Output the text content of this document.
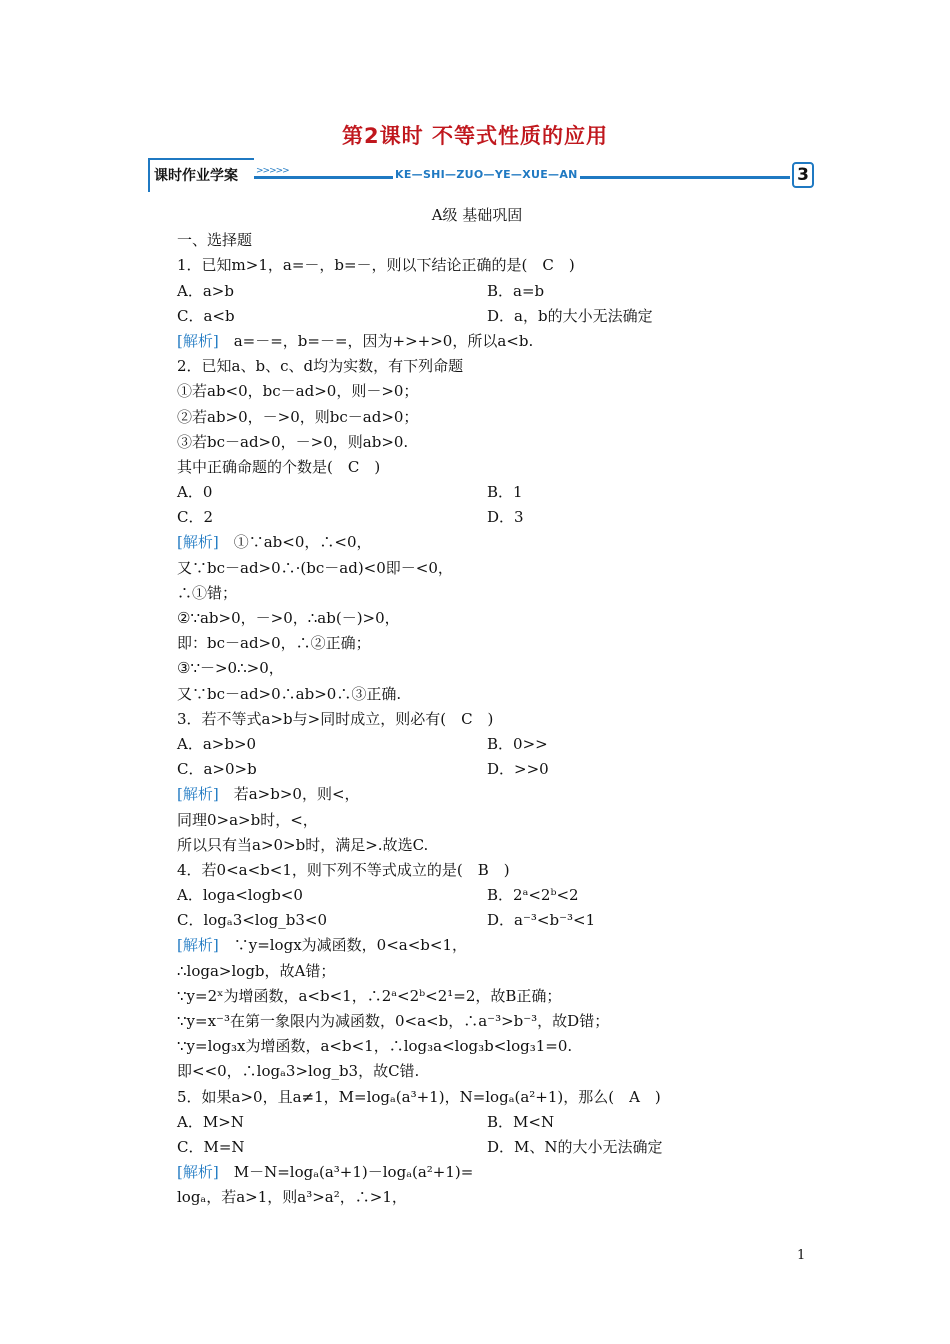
第2课时 不等式性质的应用
课时作业学案 >>>>>	KE—SHI—ZUO—YE—XUE—AN	3
A级 基础巩固
一、选择题
1．已知m>1，a=－，b=－，则以下结论正确的是(　C　)
A．a>b	B．a=b
C．a<b	D．a，b的大小无法确定
[解析]　a=－=，b=－=，因为+>+>0，所以a<b.
2．已知a、b、c、d均为实数，有下列命题
①若ab<0，bc－ad>0，则－>0；
②若ab>0，－>0，则bc－ad>0；
③若bc－ad>0，－>0，则ab>0.
其中正确命题的个数是(　C　)
A．0	B．1
C．2	D．3
[解析]　①∵ab<0，∴<0，
又∵bc－ad>0∴·(bc－ad)<0即－<0，
∴①错；
②∵ab>0，－>0，∴ab(－)>0，
即：bc－ad>0，∴②正确；
③∵－>0∴>0，
又∵bc－ad>0∴ab>0∴③正确.
3．若不等式a>b与>同时成立，则必有(　C　)
A．a>b>0	B．0>>
C．a>0>b	D．>>0
[解析]　若a>b>0，则<，
同理0>a>b时，<，
所以只有当a>0>b时，满足>.故选C.
4．若0<a<b<1，则下列不等式成立的是(　B　)
A．loga<logb<0	B．2ᵃ<2ᵇ<2
C．logₐ3<log_b3<0	D．a⁻³<b⁻³<1
[解析]　∵y=logx为减函数，0<a<b<1，
∴loga>logb，故A错；
∵y=2ˣ为增函数，a<b<1，∴2ᵃ<2ᵇ<2¹=2，故B正确；
∵y=x⁻³在第一象限内为减函数，0<a<b，∴a⁻³>b⁻³，故D错；
∵y=log₃x为增函数，a<b<1，∴log₃a<log₃b<log₃1=0.
即<<0，∴logₐ3>log_b3，故C错.
5．如果a>0，且a≠1，M=logₐ(a³+1)，N=logₐ(a²+1)，那么(　A　)
A．M>N	B．M<N
C．M=N	D．M、N的大小无法确定
[解析]　M－N=logₐ(a³+1)－logₐ(a²+1)=
logₐ，若a>1，则a³>a²，∴>1，
1
